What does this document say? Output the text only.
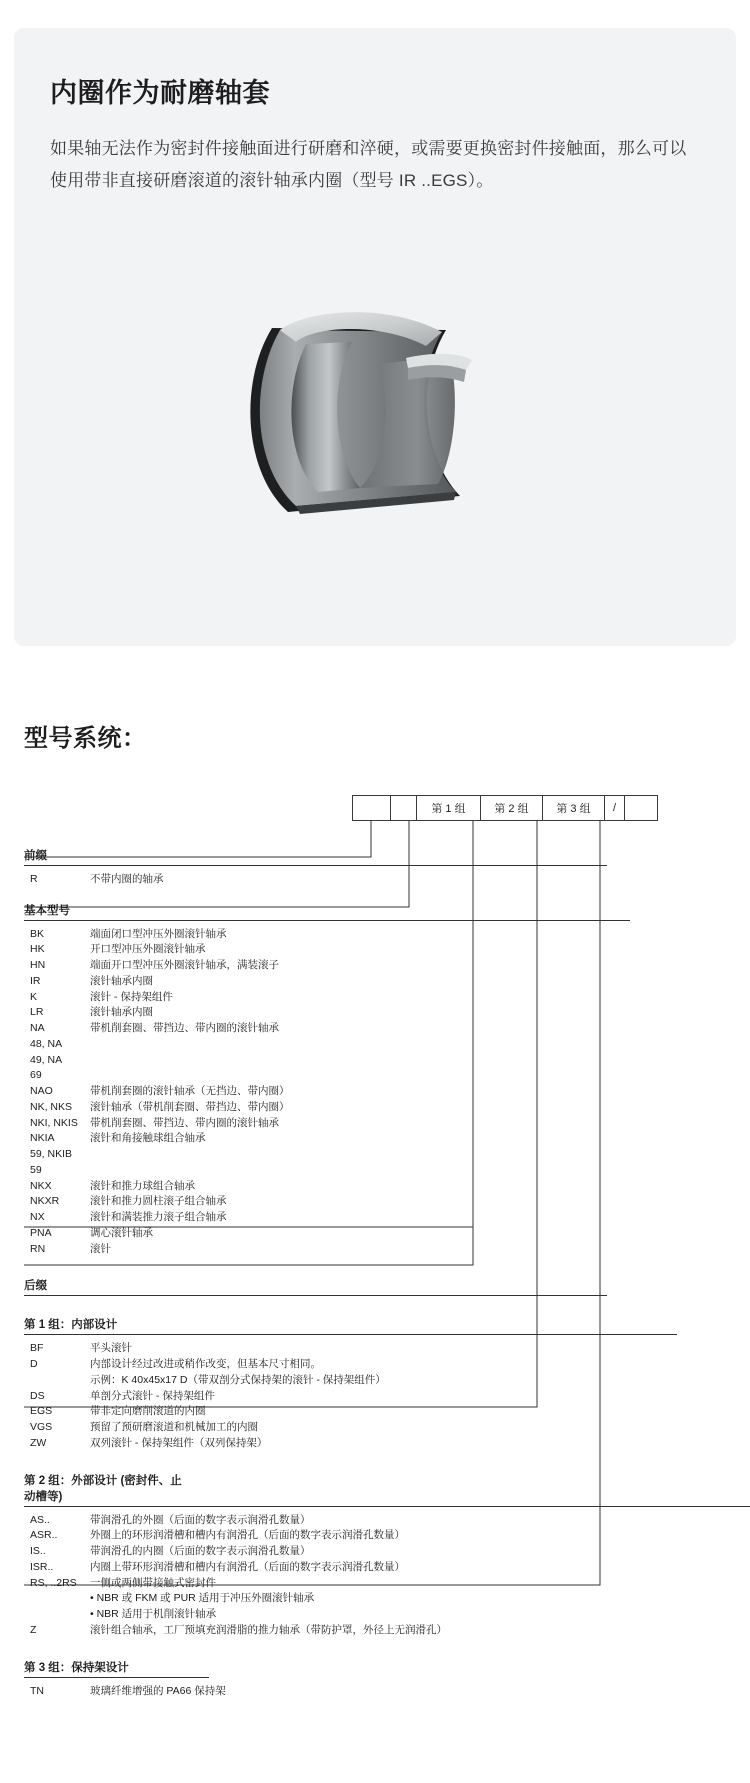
内圈作为耐磨轴套

如果轴无法作为密封件接触面进行研磨和淬硬，或需要更换密封件接触面，那么可以使用带非直接研磨滚道的滚针轴承内圈（型号 IR ..EGS）。

型号系统：
第 1 组	第 2 组	第 3 组	/
前缀
R	不带内圈的轴承
基本型号
BK	端面闭口型冲压外圈滚针轴承
HK	开口型冲压外圈滚针轴承
HN	端面开口型冲压外圈滚针轴承，满装滚子
IR	滚针轴承内圈
K	滚针 - 保持架组件
LR	滚针轴承内圈
NA	带机削套圈、带挡边、带内圈的滚针轴承
48, NA	
49, NA	
69	
NAO	带机削套圈的滚针轴承（无挡边、带内圈）
NK, NKS	滚针轴承（带机削套圈、带挡边、带内圈）
NKI, NKIS	带机削套圈、带挡边、带内圈的滚针轴承
NKIA	滚针和角接触球组合轴承
59, NKIB	
59	
NKX	滚针和推力球组合轴承
NKXR	滚针和推力圆柱滚子组合轴承
NX	滚针和满装推力滚子组合轴承
PNA	调心滚针轴承
RN	滚针
后缀
第 1 组：内部设计
BF	平头滚针
D	内部设计经过改进或稍作改变，但基本尺寸相同。
	示例：K 40x45x17 D（带双剖分式保持架的滚针 - 保持架组件）
DS	单剖分式滚针 - 保持架组件
EGS	带非定向磨削滚道的内圈
VGS	预留了预研磨滚道和机械加工的内圈
ZW	双列滚针 - 保持架组件（双列保持架）
第 2 组：外部设计 (密封件、止动槽等)
AS..	带润滑孔的外圈（后面的数字表示润滑孔数量）
ASR..	外圈上的环形润滑槽和槽内有润滑孔（后面的数字表示润滑孔数量）
IS..	带润滑孔的内圈（后面的数字表示润滑孔数量）
ISR..	内圈上带环形润滑槽和槽内有润滑孔（后面的数字表示润滑孔数量）
RS, ..2RS	一侧或两侧带接触式密封件
	• NBR 或 FKM 或 PUR 适用于冲压外圈滚针轴承
	• NBR 适用于机削滚针轴承
Z	滚针组合轴承，工厂预填充润滑脂的推力轴承（带防护罩，外径上无润滑孔）
第 3 组：保持架设计
TN	玻璃纤维增强的 PA66 保持架
